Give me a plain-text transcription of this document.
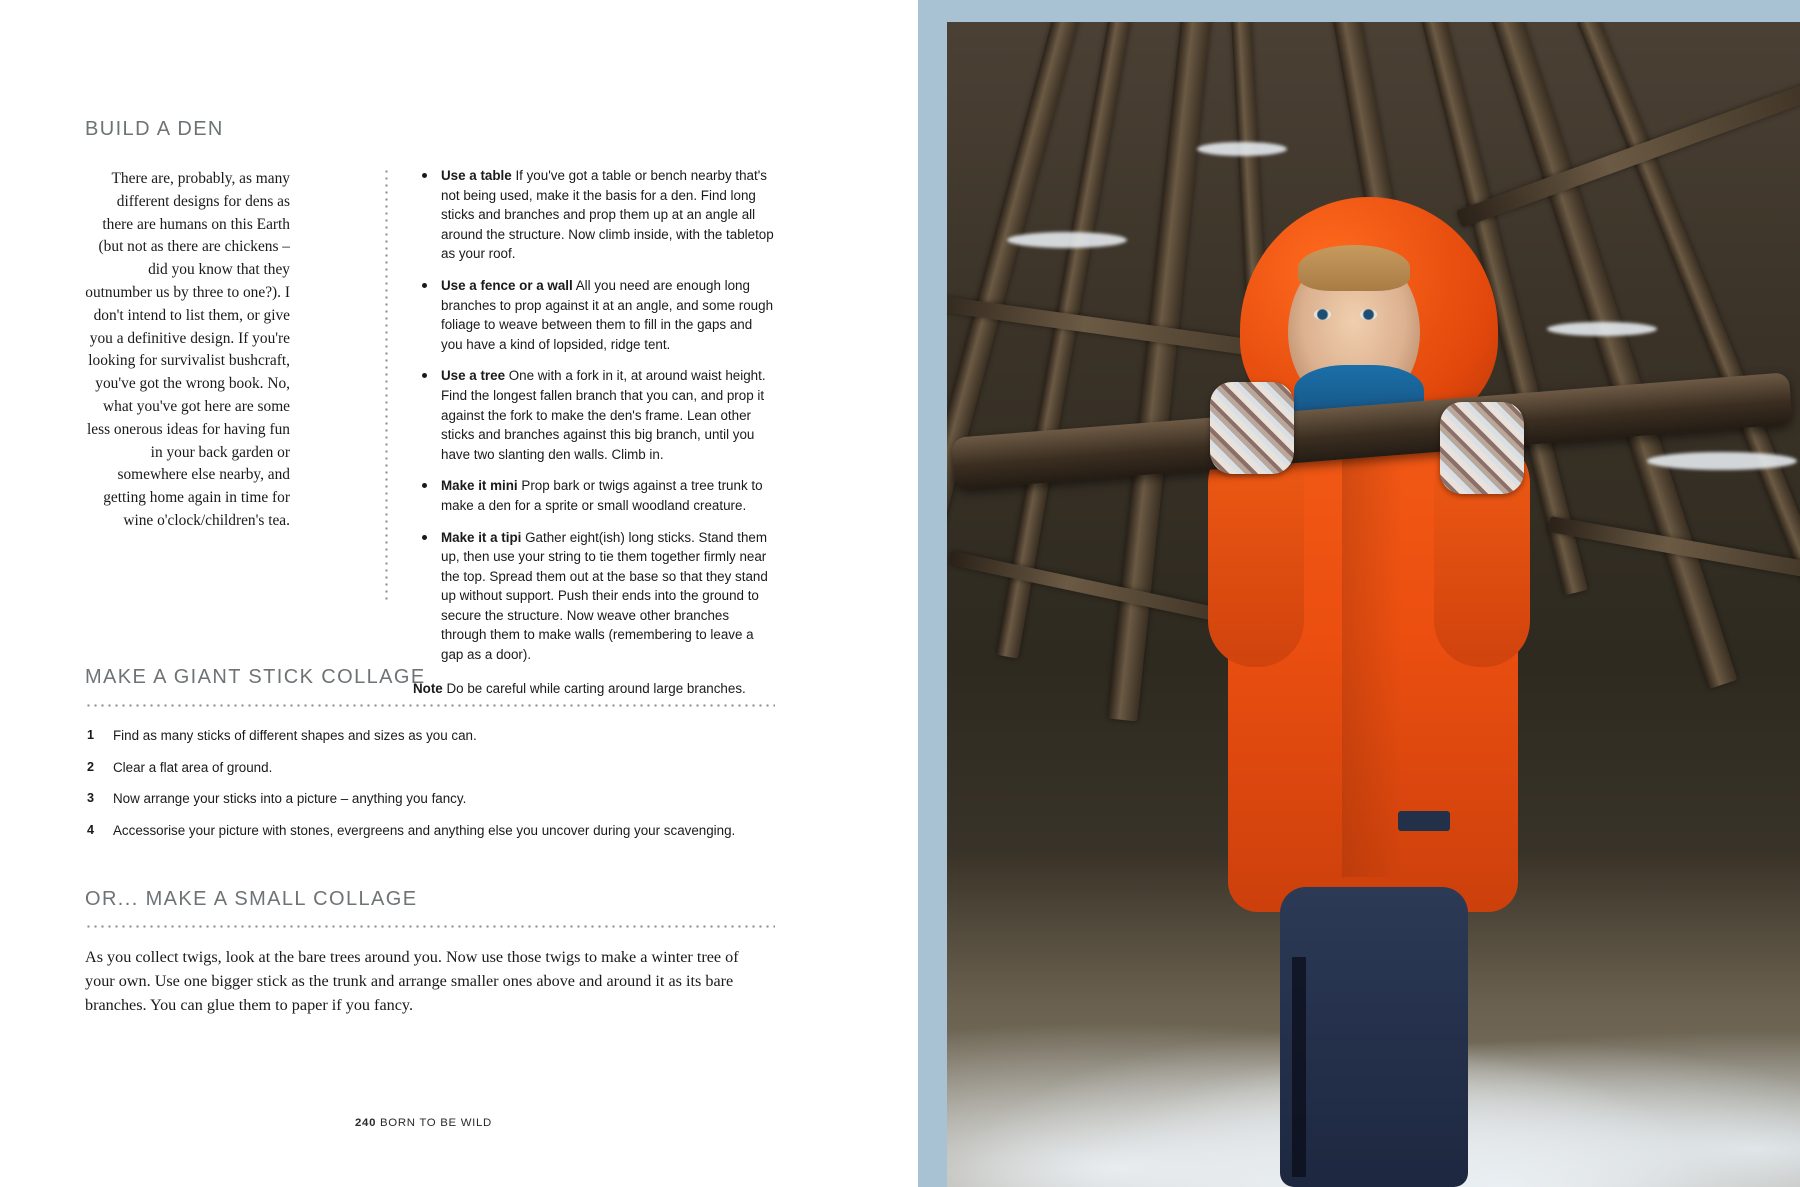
BUILD A DEN
There are, probably, as many different designs for dens as there are humans on this Earth (but not as there are chickens – did you know that they outnumber us by three to one?). I don't intend to list them, or give you a definitive design. If you're looking for survivalist bushcraft, you've got the wrong book. No, what you've got here are some less onerous ideas for having fun in your back garden or somewhere else nearby, and getting home again in time for wine o'clock/children's tea.
Use a table If you've got a table or bench nearby that's not being used, make it the basis for a den. Find long sticks and branches and prop them up at an angle all around the structure. Now climb inside, with the tabletop as your roof.
Use a fence or a wall All you need are enough long branches to prop against it at an angle, and some rough foliage to weave between them to fill in the gaps and you have a kind of lopsided, ridge tent.
Use a tree One with a fork in it, at around waist height. Find the longest fallen branch that you can, and prop it against the fork to make the den's frame. Lean other sticks and branches against this big branch, until you have two slanting den walls. Climb in.
Make it mini Prop bark or twigs against a tree trunk to make a den for a sprite or small woodland creature.
Make it a tipi Gather eight(ish) long sticks. Stand them up, then use your string to tie them together firmly near the top. Spread them out at the base so that they stand up without support. Push their ends into the ground to secure the structure. Now weave other branches through them to make walls (remembering to leave a gap as a door).
Note Do be careful while carting around large branches.
MAKE A GIANT STICK COLLAGE
1 Find as many sticks of different shapes and sizes as you can.
2 Clear a flat area of ground.
3 Now arrange your sticks into a picture – anything you fancy.
4 Accessorise your picture with stones, evergreens and anything else you uncover during your scavenging.
OR... MAKE A SMALL COLLAGE
As you collect twigs, look at the bare trees around you. Now use those twigs to make a winter tree of your own. Use one bigger stick as the trunk and arrange smaller ones above and around it as its bare branches. You can glue them to paper if you fancy.
240 BORN TO BE WILD
